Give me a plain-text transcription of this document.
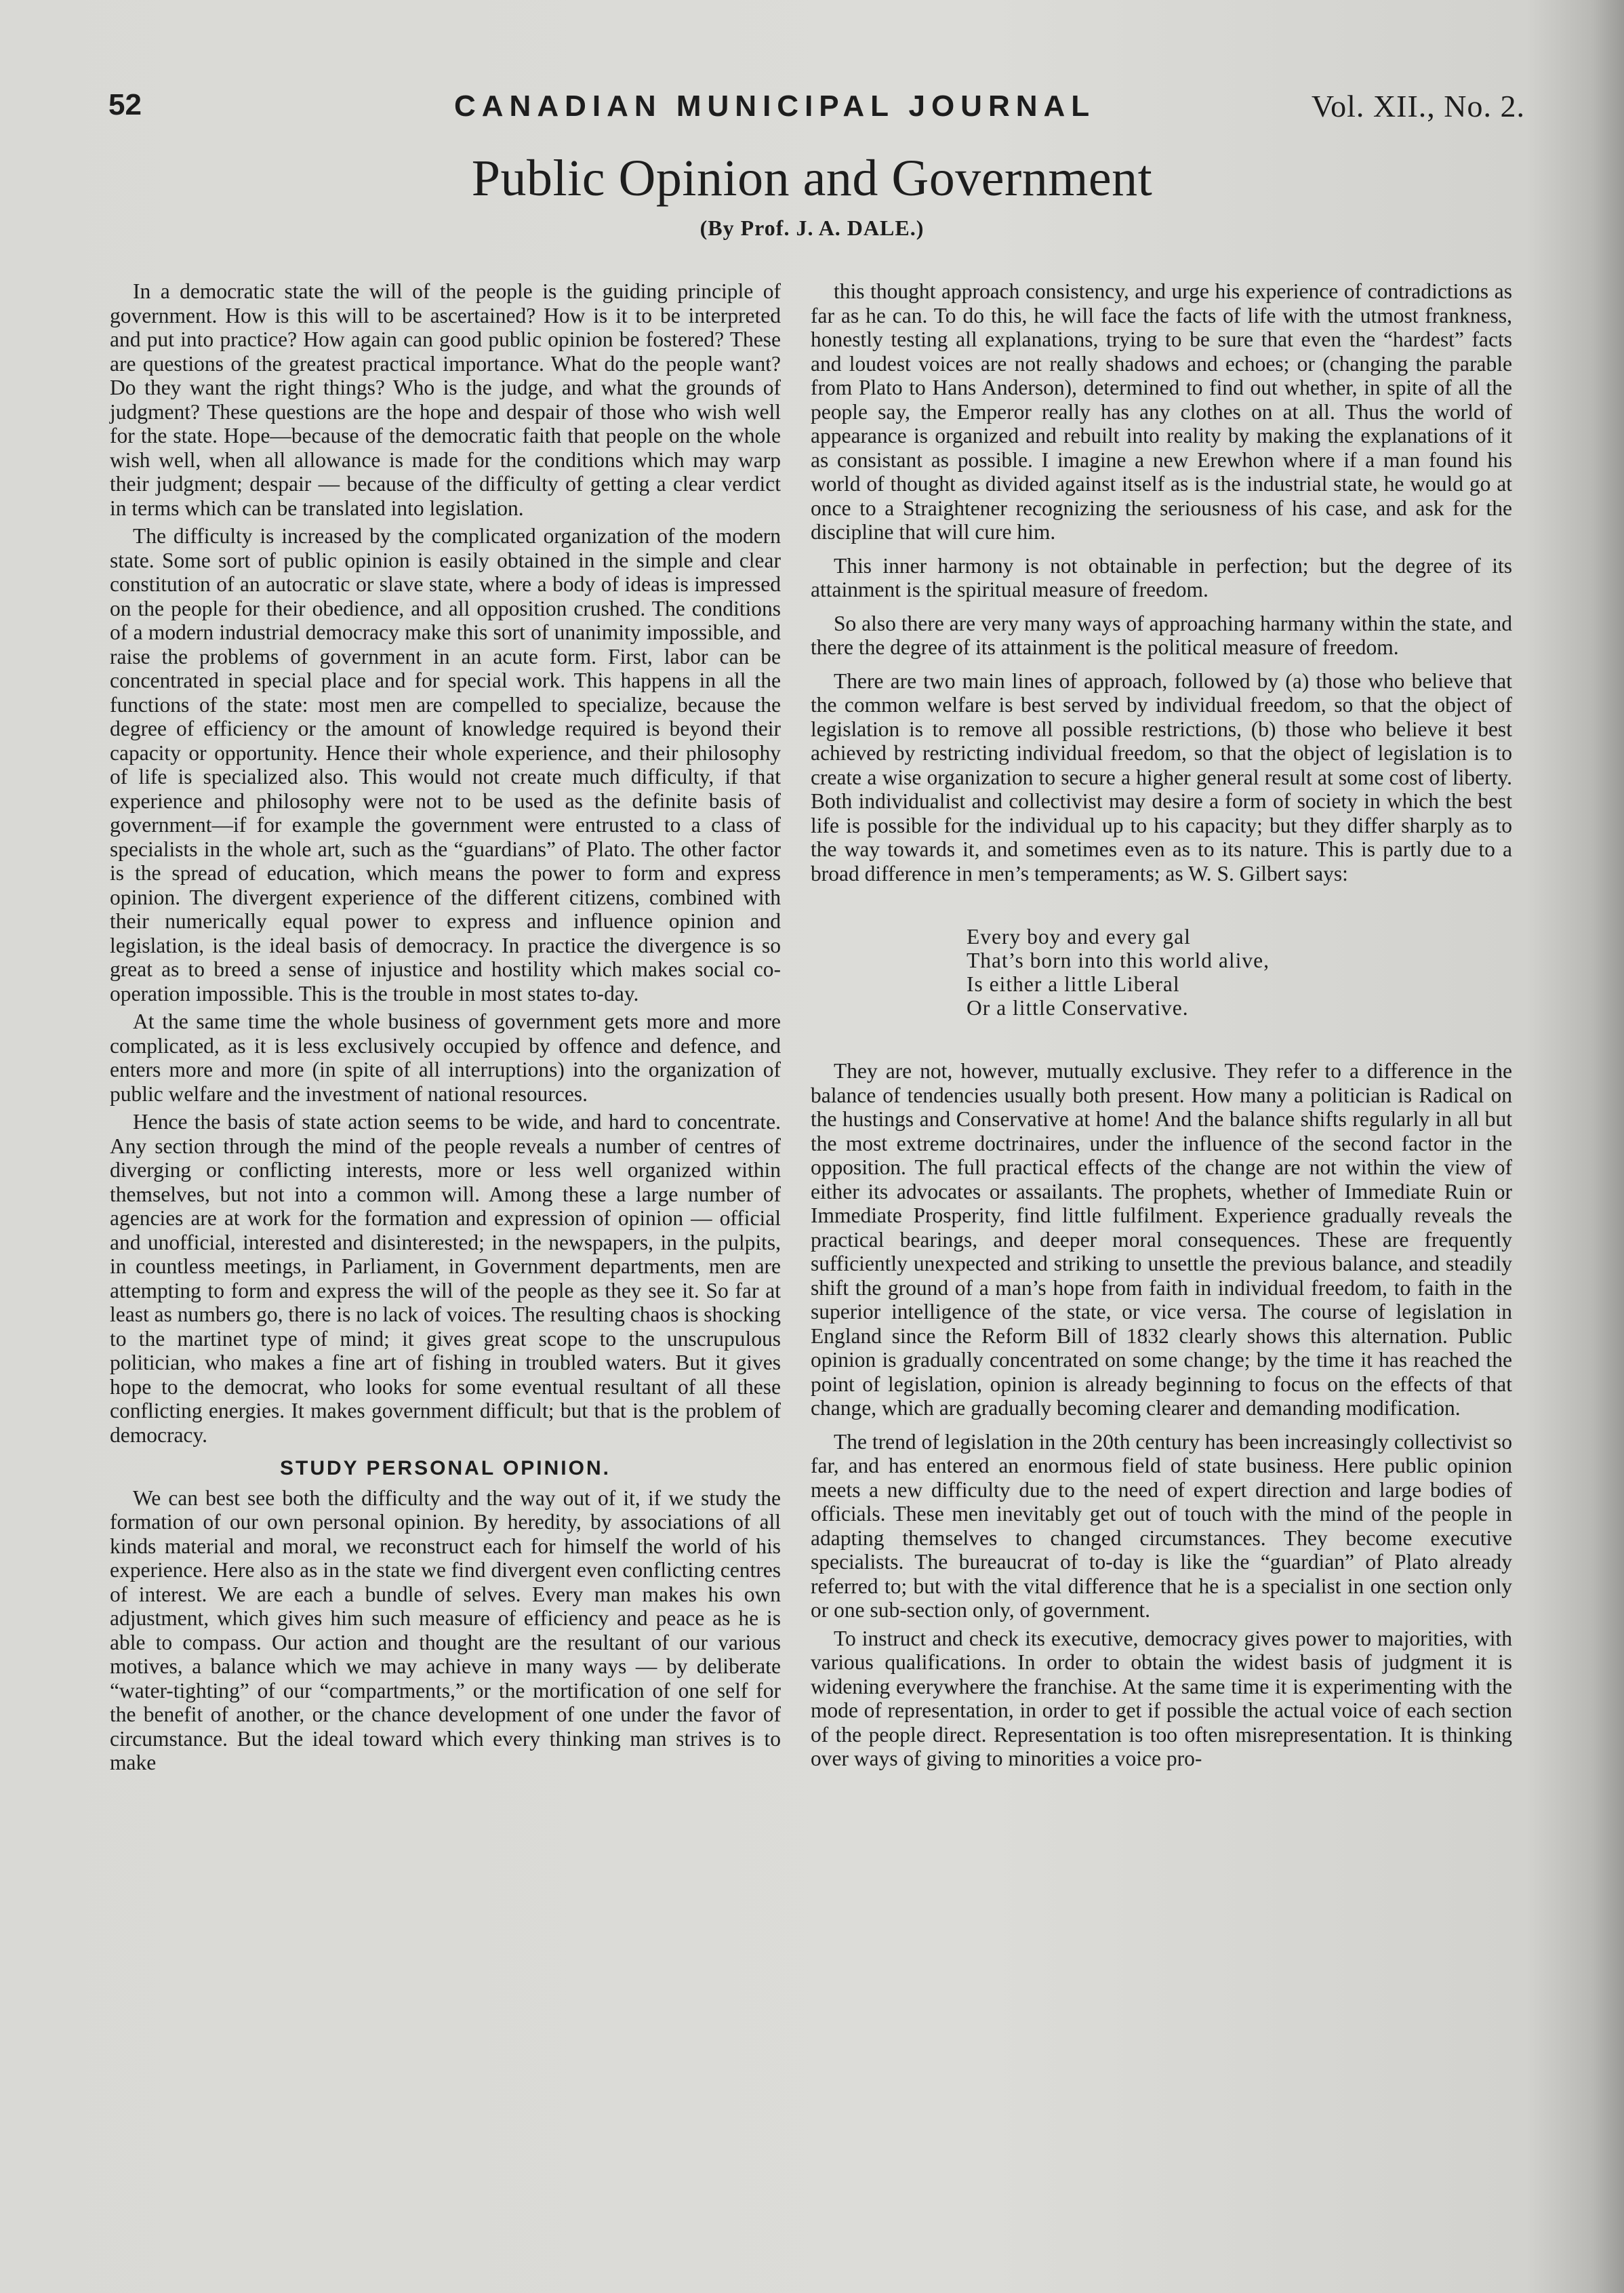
52	CANADIAN MUNICIPAL JOURNAL	Vol. XII., No. 2.
Public Opinion and Government
(By Prof. J. A. DALE.)

In a democratic state the will of the people is the guiding principle of government. How is this will to be ascertained? How is it to be interpreted and put into practice? How again can good public opinion be fostered? These are questions of the greatest practical importance. What do the people want? Do they want the right things? Who is the judge, and what the grounds of judgment? These questions are the hope and despair of those who wish well for the state. Hope—because of the democratic faith that people on the whole wish well, when all allowance is made for the conditions which may warp their judgment; despair — because of the difficulty of getting a clear verdict in terms which can be translated into legislation.

The difficulty is increased by the complicated organization of the modern state. Some sort of public opinion is easily obtained in the simple and clear constitution of an autocratic or slave state, where a body of ideas is impressed on the people for their obedience, and all opposition crushed. The conditions of a modern industrial democracy make this sort of unanimity impossible, and raise the problems of government in an acute form. First, labor can be concentrated in special place and for special work. This happens in all the functions of the state: most men are compelled to specialize, because the degree of efficiency or the amount of knowledge required is beyond their capacity or opportunity. Hence their whole experience, and their philosophy of life is specialized also. This would not create much difficulty, if that experience and philosophy were not to be used as the definite basis of government—if for example the government were entrusted to a class of specialists in the whole art, such as the “guardians” of Plato. The other factor is the spread of education, which means the power to form and express opinion. The divergent experience of the different citizens, combined with their numerically equal power to express and influence opinion and legislation, is the ideal basis of democracy. In practice the divergence is so great as to breed a sense of injustice and hostility which makes social co-operation impossible. This is the trouble in most states to-day.

At the same time the whole business of government gets more and more complicated, as it is less exclusively occupied by offence and defence, and enters more and more (in spite of all interruptions) into the organization of public welfare and the investment of national resources.

Hence the basis of state action seems to be wide, and hard to concentrate. Any section through the mind of the people reveals a number of centres of diverging or conflicting interests, more or less well organized within themselves, but not into a common will. Among these a large number of agencies are at work for the formation and expression of opinion — official and unofficial, interested and disinterested; in the newspapers, in the pulpits, in countless meetings, in Parliament, in Government departments, men are attempting to form and express the will of the people as they see it. So far at least as numbers go, there is no lack of voices. The resulting chaos is shocking to the martinet type of mind; it gives great scope to the unscrupulous politician, who makes a fine art of fishing in troubled waters. But it gives hope to the democrat, who looks for some eventual resultant of all these conflicting energies. It makes government difficult; but that is the problem of democracy.

STUDY PERSONAL OPINION.

We can best see both the difficulty and the way out of it, if we study the formation of our own personal opinion. By heredity, by associations of all kinds material and moral, we reconstruct each for himself the world of his experience. Here also as in the state we find divergent even conflicting centres of interest. We are each a bundle of selves. Every man makes his own adjustment, which gives him such measure of efficiency and peace as he is able to compass. Our action and thought are the resultant of our various motives, a balance which we may achieve in many ways — by deliberate “water-tighting” of our “compartments,” or the mortification of one self for the benefit of another, or the chance development of one under the favor of circumstance. But the ideal toward which every thinking man strives is to make

this thought approach consistency, and urge his experience of contradictions as far as he can. To do this, he will face the facts of life with the utmost frankness, honestly testing all explanations, trying to be sure that even the “hardest” facts and loudest voices are not really shadows and echoes; or (changing the parable from Plato to Hans Anderson), determined to find out whether, in spite of all the people say, the Emperor really has any clothes on at all. Thus the world of appearance is organized and rebuilt into reality by making the explanations of it as consistant as possible. I imagine a new Erewhon where if a man found his world of thought as divided against itself as is the industrial state, he would go at once to a Straightener recognizing the seriousness of his case, and ask for the discipline that will cure him.

This inner harmony is not obtainable in perfection; but the degree of its attainment is the spiritual measure of freedom.

So also there are very many ways of approaching harmany within the state, and there the degree of its attainment is the political measure of freedom.

There are two main lines of approach, followed by (a) those who believe that the common welfare is best served by individual freedom, so that the object of legislation is to remove all possible restrictions, (b) those who believe it best achieved by restricting individual freedom, so that the object of legislation is to create a wise organization to secure a higher general result at some cost of liberty. Both individualist and collectivist may desire a form of society in which the best life is possible for the individual up to his capacity; but they differ sharply as to the way towards it, and sometimes even as to its nature. This is partly due to a broad difference in men’s temperaments; as W. S. Gilbert says:

Every boy and every gal
That’s born into this world alive,
Is either a little Liberal
Or a little Conservative.

They are not, however, mutually exclusive. They refer to a difference in the balance of tendencies usually both present. How many a politician is Radical on the hustings and Conservative at home! And the balance shifts regularly in all but the most extreme doctrinaires, under the influence of the second factor in the opposition. The full practical effects of the change are not within the view of either its advocates or assailants. The prophets, whether of Immediate Ruin or Immediate Prosperity, find little fulfilment. Experience gradually reveals the practical bearings, and deeper moral consequences. These are frequently sufficiently unexpected and striking to unsettle the previous balance, and steadily shift the ground of a man’s hope from faith in individual freedom, to faith in the superior intelligence of the state, or vice versa. The course of legislation in England since the Reform Bill of 1832 clearly shows this alternation. Public opinion is gradually concentrated on some change; by the time it has reached the point of legislation, opinion is already beginning to focus on the effects of that change, which are gradually becoming clearer and demanding modification.

The trend of legislation in the 20th century has been increasingly collectivist so far, and has entered an enormous field of state business. Here public opinion meets a new difficulty due to the need of expert direction and large bodies of officials. These men inevitably get out of touch with the mind of the people in adapting themselves to changed circumstances. They become executive specialists. The bureaucrat of to-day is like the “guardian” of Plato already referred to; but with the vital difference that he is a specialist in one section only or one sub-section only, of government.

To instruct and check its executive, democracy gives power to majorities, with various qualifications. In order to obtain the widest basis of judgment it is widening everywhere the franchise. At the same time it is experimenting with the mode of representation, in order to get if possible the actual voice of each section of the people direct. Representation is too often misrepresentation. It is thinking over ways of giving to minorities a voice pro-
